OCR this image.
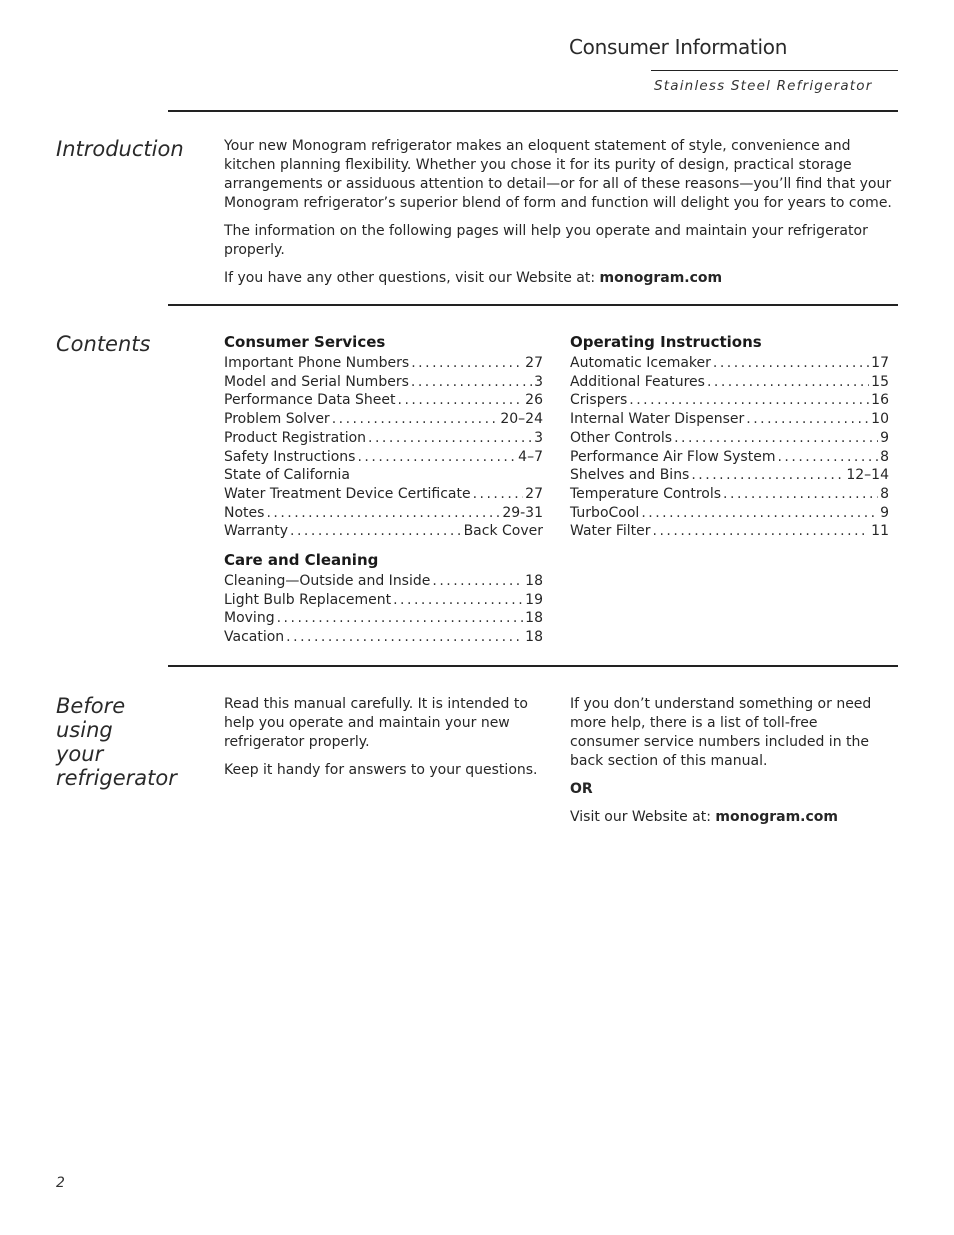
Consumer Information
Stainless Steel Refrigerator
Introduction	Your new Monogram refrigerator makes an eloquent statement of style, convenience and kitchen planning flexibility. Whether you chose it for its purity of design, practical storage arrangements or assiduous attention to detail—or for all of these reasons—you’ll find that your Monogram refrigerator’s superior blend of form and function will delight you for years to come.

The information on the following pages will help you operate and maintain your refrigerator properly.

If you have any other questions, visit our Website at: monogram.com

Contents	Consumer Services
Important Phone Numbers .....	27
Model and Serial Numbers .....	3
Performance Data Sheet .....	26
Problem Solver .....	20–24
Product Registration .....	3
Safety Instructions .....	4–7
State of California
Water Treatment Device Certificate .....	27
Notes .....	29-31
Warranty .....	Back Cover
Care and Cleaning
Cleaning—Outside and Inside .....	18
Light Bulb Replacement .....	19
Moving .....	18
Vacation .....	18
Operating Instructions
Automatic Icemaker .....	17
Additional Features .....	15
Crispers .....	16
Internal Water Dispenser .....	10
Other Controls .....	9
Performance Air Flow System .....	8
Shelves and Bins .....	12–14
Temperature Controls .....	8
TurboCool .....	9
Water Filter .....	11
Before
using
your
refrigerator

Read this manual carefully. It is intended to help you operate and maintain your new refrigerator properly.

Keep it handy for answers to your questions.

If you don’t understand something or need more help, there is a list of toll-free consumer service numbers included in the back section of this manual.

OR

Visit our Website at: monogram.com

2
